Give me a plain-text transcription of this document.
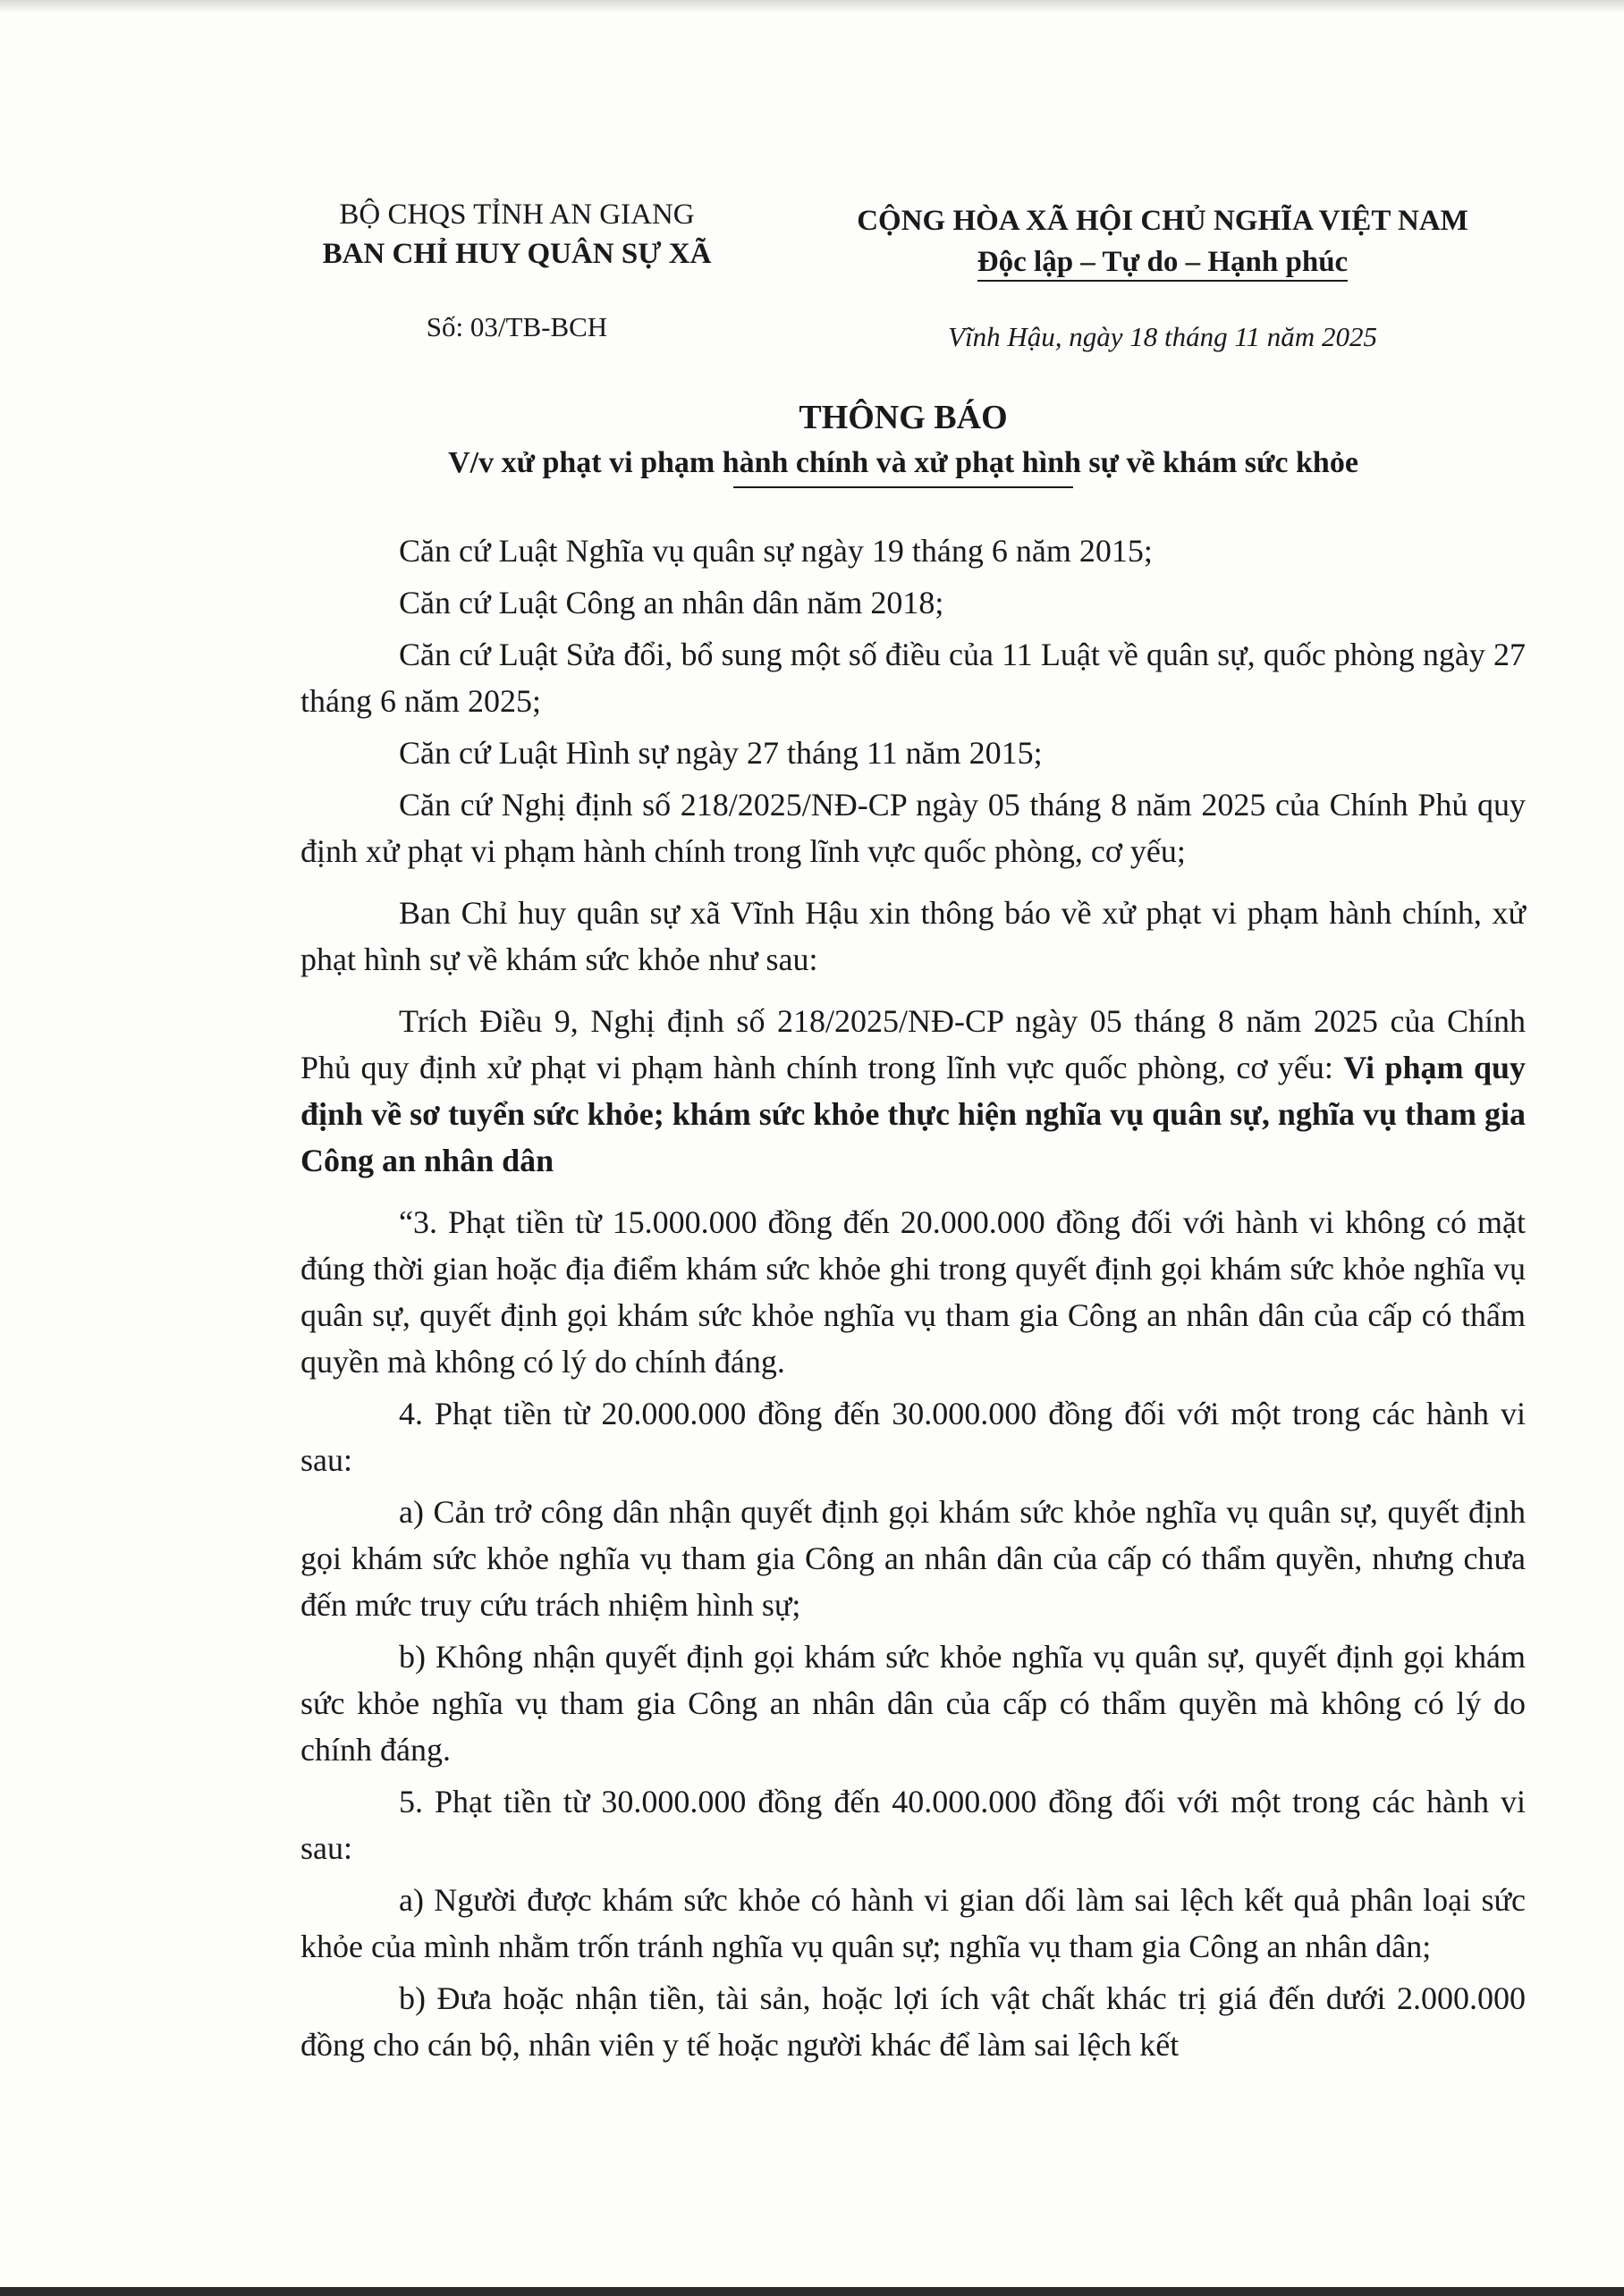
BỘ CHQS TỈNH AN GIANG
BAN CHỈ HUY QUÂN SỰ XÃ
Số: 03/TB-BCH
CỘNG HÒA XÃ HỘI CHỦ NGHĨA VIỆT NAM
Độc lập – Tự do – Hạnh phúc
Vĩnh Hậu, ngày 18 tháng 11 năm 2025
THÔNG BÁO
V/v xử phạt vi phạm hành chính và xử phạt hình sự về khám sức khỏe

Căn cứ Luật Nghĩa vụ quân sự ngày 19 tháng 6 năm 2015;

Căn cứ Luật Công an nhân dân năm 2018;

Căn cứ Luật Sửa đổi, bổ sung một số điều của 11 Luật về quân sự, quốc phòng ngày 27 tháng 6 năm 2025;

Căn cứ Luật Hình sự ngày 27 tháng 11 năm 2015;

Căn cứ Nghị định số 218/2025/NĐ-CP ngày 05 tháng 8 năm 2025 của Chính Phủ quy định xử phạt vi phạm hành chính trong lĩnh vực quốc phòng, cơ yếu;

Ban Chỉ huy quân sự xã Vĩnh Hậu xin thông báo về xử phạt vi phạm hành chính, xử phạt hình sự về khám sức khỏe như sau:

Trích Điều 9, Nghị định số 218/2025/NĐ-CP ngày 05 tháng 8 năm 2025 của Chính Phủ quy định xử phạt vi phạm hành chính trong lĩnh vực quốc phòng, cơ yếu: Vi phạm quy định về sơ tuyển sức khỏe; khám sức khỏe thực hiện nghĩa vụ quân sự, nghĩa vụ tham gia Công an nhân dân

“3. Phạt tiền từ 15.000.000 đồng đến 20.000.000 đồng đối với hành vi không có mặt đúng thời gian hoặc địa điểm khám sức khỏe ghi trong quyết định gọi khám sức khỏe nghĩa vụ quân sự, quyết định gọi khám sức khỏe nghĩa vụ tham gia Công an nhân dân của cấp có thẩm quyền mà không có lý do chính đáng.

4. Phạt tiền từ 20.000.000 đồng đến 30.000.000 đồng đối với một trong các hành vi sau:

a) Cản trở công dân nhận quyết định gọi khám sức khỏe nghĩa vụ quân sự, quyết định gọi khám sức khỏe nghĩa vụ tham gia Công an nhân dân của cấp có thẩm quyền, nhưng chưa đến mức truy cứu trách nhiệm hình sự;

b) Không nhận quyết định gọi khám sức khỏe nghĩa vụ quân sự, quyết định gọi khám sức khỏe nghĩa vụ tham gia Công an nhân dân của cấp có thẩm quyền mà không có lý do chính đáng.

5. Phạt tiền từ 30.000.000 đồng đến 40.000.000 đồng đối với một trong các hành vi sau:

a) Người được khám sức khỏe có hành vi gian dối làm sai lệch kết quả phân loại sức khỏe của mình nhằm trốn tránh nghĩa vụ quân sự; nghĩa vụ tham gia Công an nhân dân;

b) Đưa hoặc nhận tiền, tài sản, hoặc lợi ích vật chất khác trị giá đến dưới 2.000.000 đồng cho cán bộ, nhân viên y tế hoặc người khác để làm sai lệch kết
